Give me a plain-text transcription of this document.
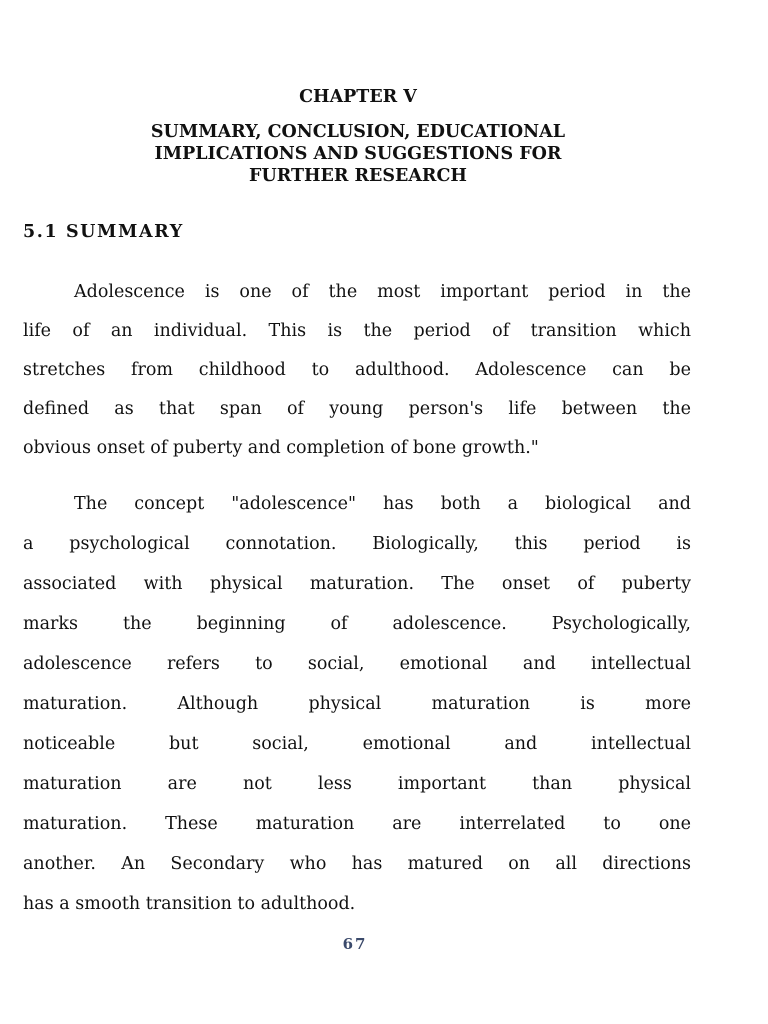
CHAPTER V
SUMMARY, CONCLUSION, EDUCATIONAL
IMPLICATIONS AND SUGGESTIONS FOR
FURTHER RESEARCH
5.1 SUMMARY

Adolescence is one of the most important period in the
life of an individual. This is the period of transition which
stretches from childhood to adulthood. Adolescence can be
defined as that span of young person's life between the
obvious onset of puberty and completion of bone growth."

The concept "adolescence" has both a biological and
a psychological connotation. Biologically, this period is
associated with physical maturation. The onset of puberty
marks the beginning of adolescence. Psychologically,
adolescence refers to social, emotional and intellectual
maturation. Although physical maturation is more
noticeable but social, emotional and intellectual
maturation are not less important than physical
maturation. These maturation are interrelated to one
another. An Secondary who has matured on all directions
has a smooth transition to adulthood.

67
